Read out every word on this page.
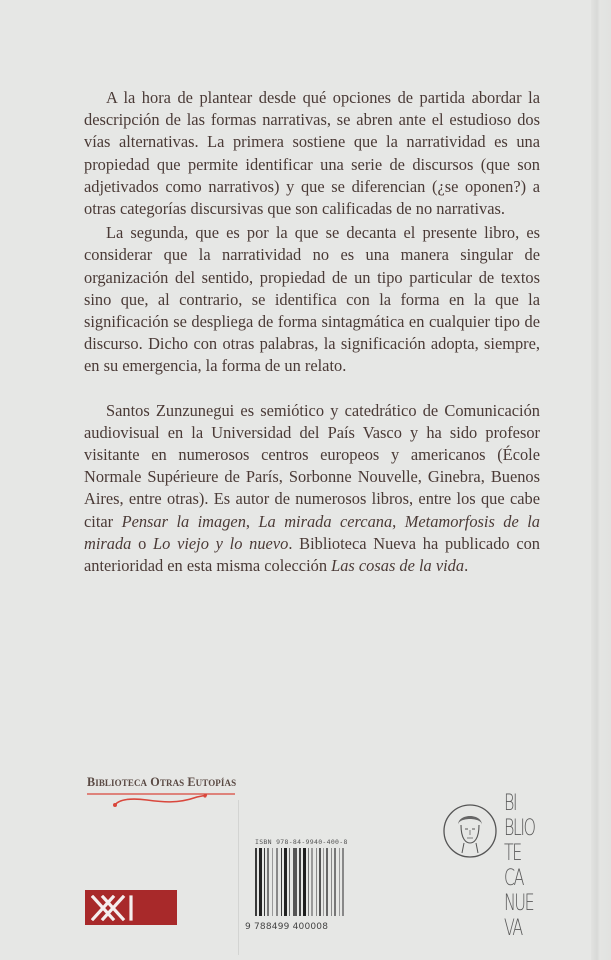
A la hora de plantear desde qué opciones de partida abordar la descripción de las formas narrativas, se abren ante el estudioso dos vías alternativas. La primera sostiene que la narratividad es una propiedad que permite identificar una serie de discursos (que son adjetivados como narrativos) y que se diferencian (¿se oponen?) a otras categorías discursivas que son calificadas de no narrativas.

La segunda, que es por la que se decanta el presente libro, es considerar que la narratividad no es una manera singular de organización del sentido, propiedad de un tipo particular de textos sino que, al contrario, se identifica con la forma en la que la significación se despliega de forma sintagmática en cualquier tipo de discurso. Dicho con otras palabras, la significación adopta, siempre, en su emergencia, la forma de un relato.

Santos Zunzunegui es semiótico y catedrático de Comunicación audiovisual en la Universidad del País Vasco y ha sido profesor visitante en numerosos centros europeos y americanos (École Normale Supérieure de París, Sorbonne Nouvelle, Ginebra, Buenos Aires, entre otras). Es autor de numerosos libros, entre los que cabe citar Pensar la imagen, La mirada cercana, Metamorfosis de la mirada o Lo viejo y lo nuevo. Biblioteca Nueva ha publicado con anterioridad en esta misma colección Las cosas de la vida.

Biblioteca Otras Eutopías
ISBN 978-84-9940-400-8
9 788499 400008
BI
BLIO
TE
CA
NUE
VA
